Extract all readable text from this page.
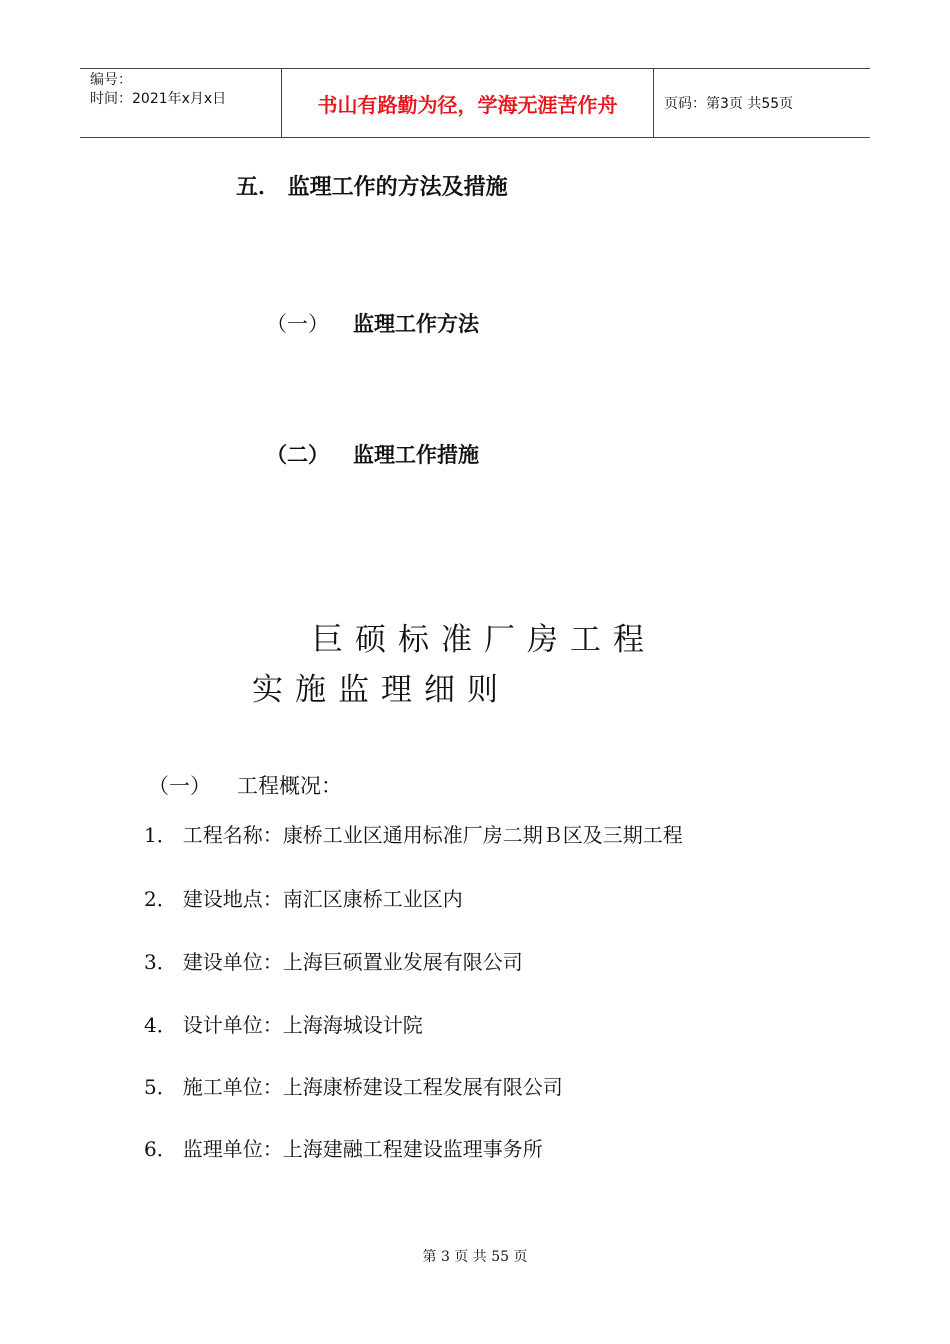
编号：
时间：2021年x月x日	书山有路勤为径，学海无涯苦作舟	页码：第3页 共55页
五． 监理工作的方法及措施
（一） 监理工作方法
（二） 监理工作措施
巨硕标准厂房工程
实施监理细则
（一） 工程概况：
1． 工程名称：康桥工业区通用标准厂房二期Ｂ区及三期工程
2． 建设地点：南汇区康桥工业区内
3． 建设单位：上海巨硕置业发展有限公司
4． 设计单位：上海海城设计院
5． 施工单位：上海康桥建设工程发展有限公司
6． 监理单位：上海建融工程建设监理事务所
第 3 页 共 55 页
